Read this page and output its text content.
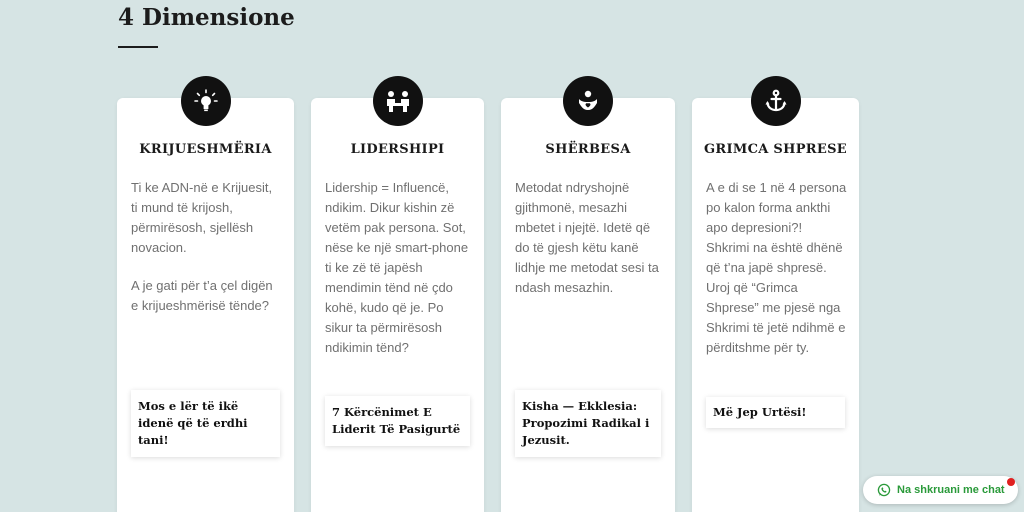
4 Dimensione
KRIJUESHMËRIA

Ti ke ADN-në e Krijuesit, ti mund të krijosh, përmirësosh, sjellësh novacion.

A je gati për t’a çel digën e krijueshmërisë tënde?

Mos e lër të ikë idenë që të erdhi tani!
LIDERSHIPI

Lidership = Influencë, ndikim. Dikur kishin zë vetëm pak persona. Sot, nëse ke një smart-phone ti ke zë të japësh mendimin tënd në çdo kohë, kudo që je. Po sikur ta përmirësosh ndikimin tënd?

7 Kërcënimet E Liderit Të Pasigurtë
SHËRBESA

Metodat ndryshojnë gjithmonë, mesazhi mbetet i njejtë. Idetë që do të gjesh këtu kanë lidhje me metodat sesi ta ndash mesazhin.

Kisha — Ekklesia: Propozimi Radikal i Jezusit.
GRIMCA SHPRESE

A e di se 1 në 4 persona po kalon forma ankthi apo depresioni?! Shkrimi na është dhënë që t’na japë shpresë. Uroj që “Grimca Shprese” me pjesë nga Shkrimi të jetë ndihmë e përditshme për ty.

Më Jep Urtësi!
Na shkruani me chat
